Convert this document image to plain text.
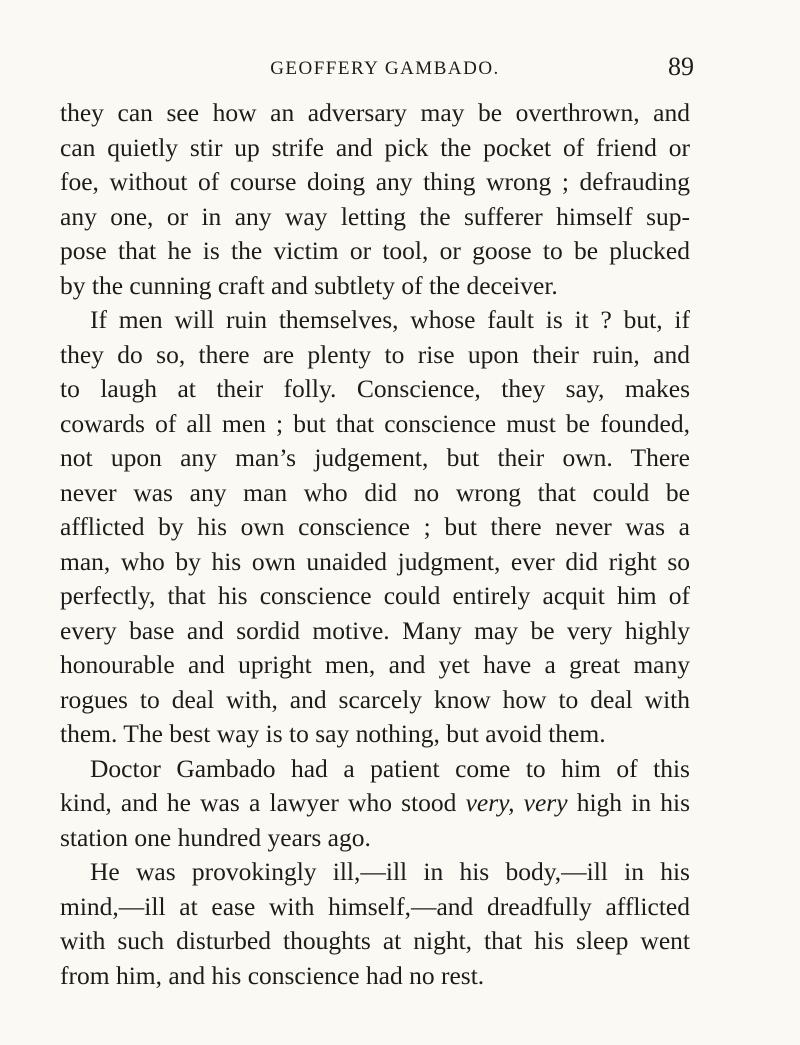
GEOFFERY GAMBADO.	89
they can see how an adversary may be overthrown, and
can quietly stir up strife and pick the pocket of friend or
foe, without of course doing any thing wrong ; defrauding
any one, or in any way letting the sufferer himself sup-
pose that he is the victim or tool, or goose to be plucked
by the cunning craft and subtlety of the deceiver.
If men will ruin themselves, whose fault is it ? but, if
they do so, there are plenty to rise upon their ruin, and
to laugh at their folly. Conscience, they say, makes
cowards of all men ; but that conscience must be founded,
not upon any man’s judgement, but their own. There
never was any man who did no wrong that could be
afflicted by his own conscience ; but there never was a
man, who by his own unaided judgment, ever did right so
perfectly, that his conscience could entirely acquit him of
every base and sordid motive. Many may be very highly
honourable and upright men, and yet have a great many
rogues to deal with, and scarcely know how to deal with
them. The best way is to say nothing, but avoid them.
Doctor Gambado had a patient come to him of this
kind, and he was a lawyer who stood very, very high in his
station one hundred years ago.
He was provokingly ill,—ill in his body,—ill in his
mind,—ill at ease with himself,—and dreadfully afflicted
with such disturbed thoughts at night, that his sleep went
from him, and his conscience had no rest.
